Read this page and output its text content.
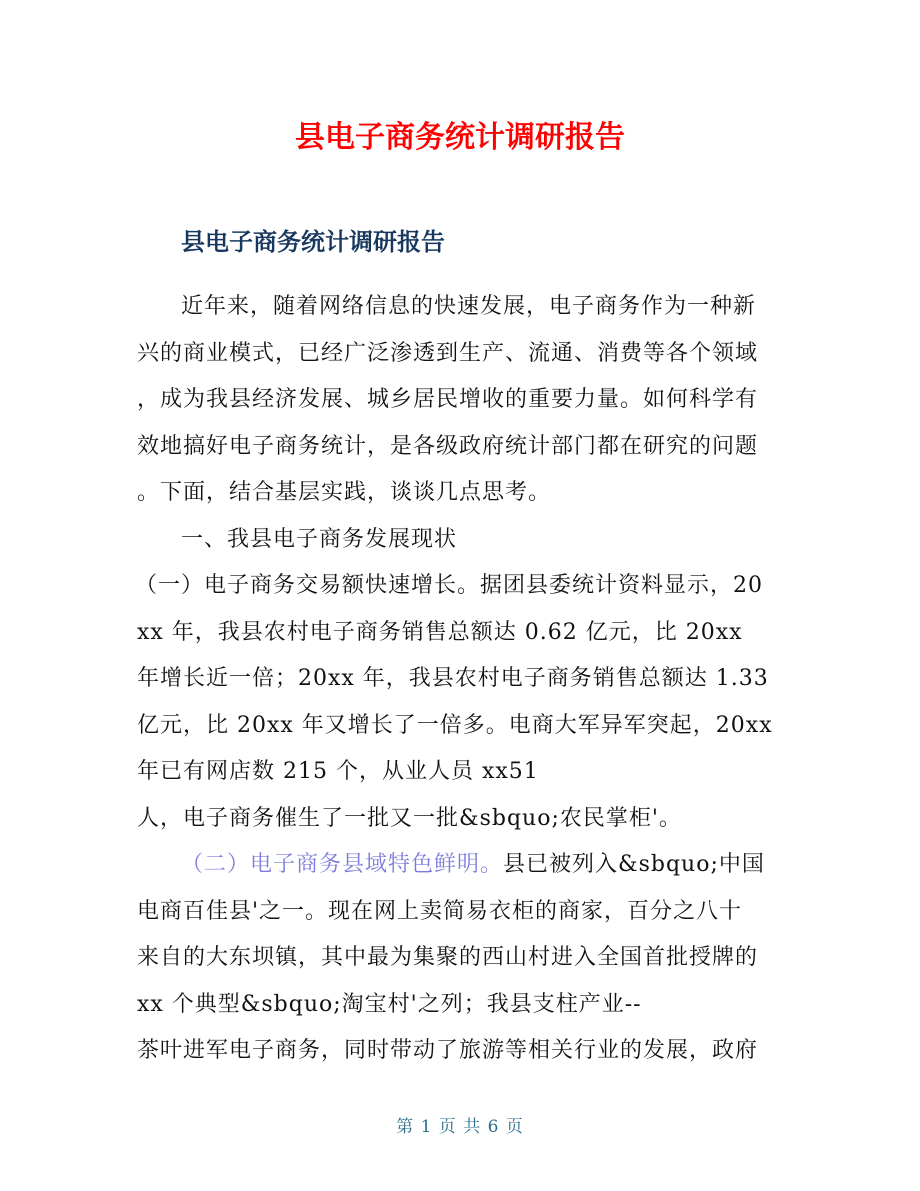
县电子商务统计调研报告
县电子商务统计调研报告
近年来，随着网络信息的快速发展，电子商务作为一种新
兴的商业模式，已经广泛渗透到生产、流通、消费等各个领域
，成为我县经济发展、城乡居民增收的重要力量。如何科学有
效地搞好电子商务统计，是各级政府统计部门都在研究的问题
。下面，结合基层实践，谈谈几点思考。
一、我县电子商务发展现状
（一）电子商务交易额快速增长。据团县委统计资料显示，20
xx 年，我县农村电子商务销售总额达 0.62 亿元，比 20xx
年增长近一倍；20xx 年，我县农村电子商务销售总额达 1.33
亿元，比 20xx 年又增长了一倍多。电商大军异军突起，20xx
年已有网店数 215 个，从业人员 xx51
人，电子商务催生了一批又一批&sbquo;农民掌柜'。
（二）电子商务县域特色鲜明。县已被列入&sbquo;中国
电商百佳县'之一。现在网上卖简易衣柜的商家，百分之八十
来自的大东坝镇，其中最为集聚的西山村进入全国首批授牌的
xx 个典型&sbquo;淘宝村'之列；我县支柱产业--
茶叶进军电子商务，同时带动了旅游等相关行业的发展，政府

第 1 页 共 6 页
